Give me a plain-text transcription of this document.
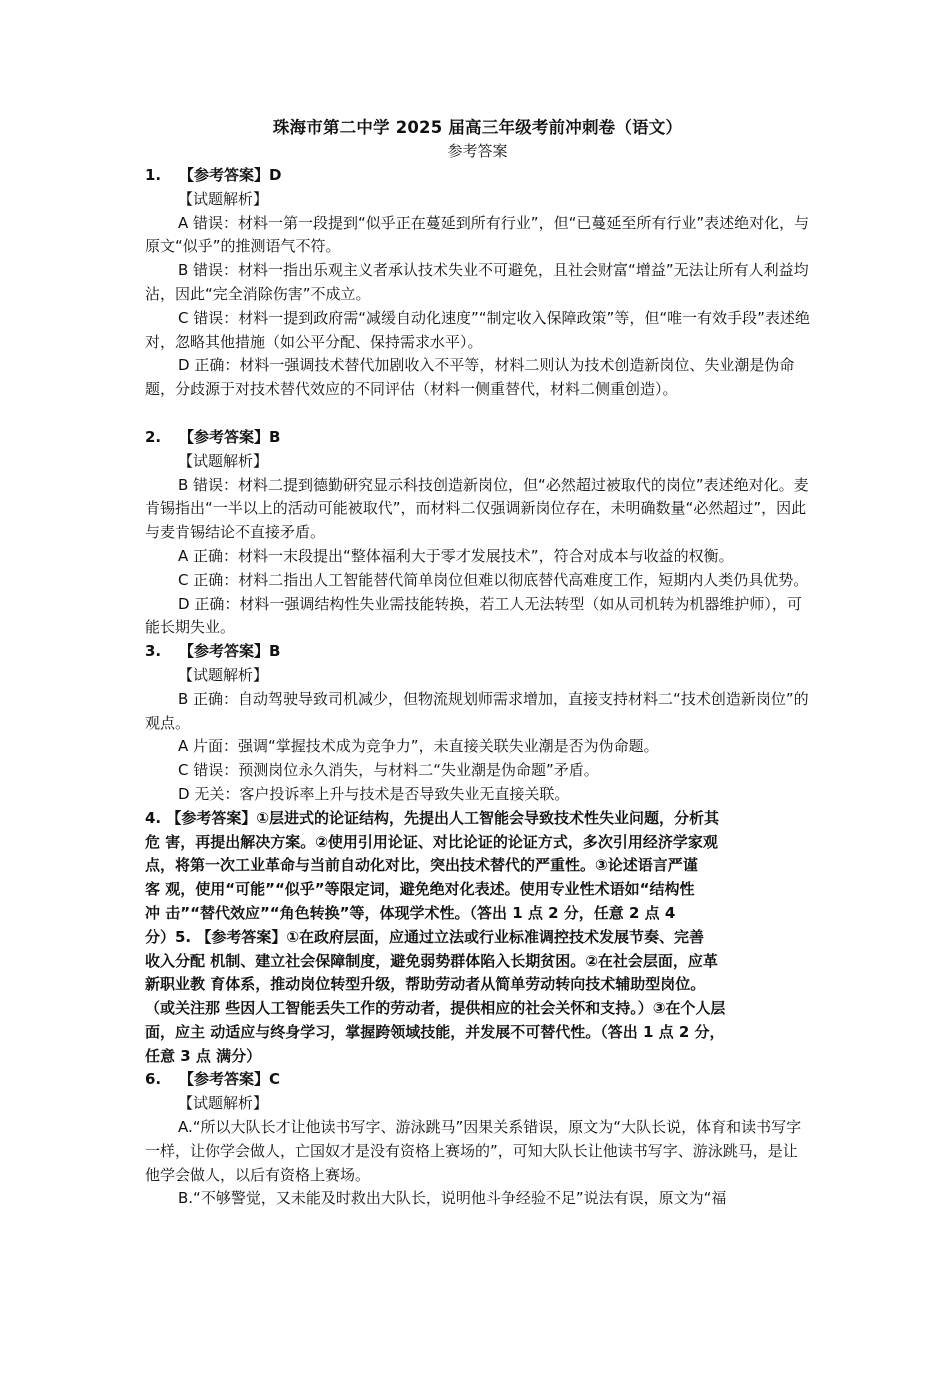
珠海市第二中学 2025 届高三年级考前冲刺卷（语文）
参考答案

1. 【参考答案】D

【试题解析】

A 错误：材料一第一段提到“似乎正在蔓延到所有行业”，但“已蔓延至所有行业”表述绝对化，与原文“似乎”的推测语气不符。

B 错误：材料一指出乐观主义者承认技术失业不可避免，且社会财富“增益”无法让所有人利益均沾，因此“完全消除伤害”不成立。

C 错误：材料一提到政府需“减缓自动化速度”“制定收入保障政策”等，但“唯一有效手段”表述绝对，忽略其他措施（如公平分配、保持需求水平）。

D 正确：材料一强调技术替代加剧收入不平等，材料二则认为技术创造新岗位、失业潮是伪命题，分歧源于对技术替代效应的不同评估（材料一侧重替代，材料二侧重创造）。

2. 【参考答案】B

【试题解析】

B 错误：材料二提到德勤研究显示科技创造新岗位，但“必然超过被取代的岗位”表述绝对化。麦肯锡指出“一半以上的活动可能被取代”，而材料二仅强调新岗位存在，未明确数量“必然超过”，因此与麦肯锡结论不直接矛盾。

A 正确：材料一末段提出“整体福利大于零才发展技术”，符合对成本与收益的权衡。

C 正确：材料二指出人工智能替代简单岗位但难以彻底替代高难度工作，短期内人类仍具优势。

D 正确：材料一强调结构性失业需技能转换，若工人无法转型（如从司机转为机器维护师），可能长期失业。

3. 【参考答案】B

【试题解析】

B 正确：自动驾驶导致司机减少，但物流规划师需求增加，直接支持材料二“技术创造新岗位”的观点。

A 片面：强调“掌握技术成为竞争力”，未直接关联失业潮是否为伪命题。

C 错误：预测岗位永久消失，与材料二“失业潮是伪命题”矛盾。

D 无关：客户投诉率上升与技术是否导致失业无直接关联。

4. 【参考答案】①层进式的论证结构，先提出人工智能会导致技术性失业问题，分析其

危 害，再提出解决方案。②使用引用论证、对比论证的论证方式，多次引用经济学家观

点，将第一次工业革命与当前自动化对比，突出技术替代的严重性。③论述语言严谨

客 观，使用“可能”“似乎”等限定词，避免绝对化表述。使用专业性术语如“结构性

冲 击”“替代效应”“角色转换”等，体现学术性。（答出 1 点 2 分，任意 2 点 4

分）5. 【参考答案】①在政府层面，应通过立法或行业标准调控技术发展节奏、完善

收入分配 机制、建立社会保障制度，避免弱势群体陷入长期贫困。②在社会层面，应革

新职业教 育体系，推动岗位转型升级，帮助劳动者从简单劳动转向技术辅助型岗位。

（或关注那 些因人工智能丢失工作的劳动者，提供相应的社会关怀和支持。）③在个人层

面，应主 动适应与终身学习，掌握跨领域技能，并发展不可替代性。（答出 1 点 2 分，

任意 3 点 满分）

6. 【参考答案】C

【试题解析】

A.“所以大队长才让他读书写字、游泳跳马”因果关系错误，原文为“大队长说，体育和读书写字一样，让你学会做人，亡国奴才是没有资格上赛场的”，可知大队长让他读书写字、游泳跳马，是让他学会做人，以后有资格上赛场。

B.“不够警觉，又未能及时救出大队长，说明他斗争经验不足”说法有误，原文为“福
